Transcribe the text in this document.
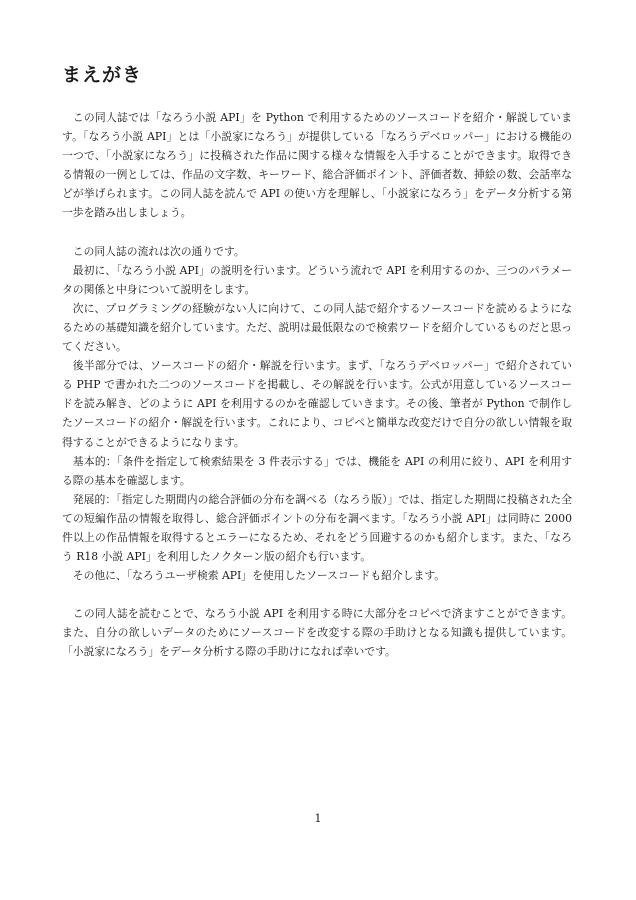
まえがき

この同人誌では「なろう小説 API」を Python で利用するためのソースコードを紹介・解説しています。「なろう小説 API」とは「小説家になろう」が提供している「なろうデベロッパー」における機能の一つで、「小説家になろう」に投稿された作品に関する様々な情報を入手することができます。取得できる情報の一例としては、作品の文字数、キーワード、総合評価ポイント、評価者数、挿絵の数、会話率などが挙げられます。この同人誌を読んで API の使い方を理解し、「小説家になろう」をデータ分析する第一歩を踏み出しましょう。

この同人誌の流れは次の通りです。

最初に、「なろう小説 API」の説明を行います。どういう流れで API を利用するのか、三つのパラメータの関係と中身について説明をします。

次に、プログラミングの経験がない人に向けて、この同人誌で紹介するソースコードを読めるようになるための基礎知識を紹介しています。ただ、説明は最低限なので検索ワードを紹介しているものだと思ってください。

後半部分では、ソースコードの紹介・解説を行います。まず、「なろうデベロッパー」で紹介されている PHP で書かれた二つのソースコードを掲載し、その解説を行います。公式が用意しているソースコードを読み解き、どのように API を利用するのかを確認していきます。その後、筆者が Python で制作したソースコードの紹介・解説を行います。これにより、コピペと簡単な改変だけで自分の欲しい情報を取得することができるようになります。

基本的：「条件を指定して検索結果を 3 件表示する」では、機能を API の利用に絞り、API を利用する際の基本を確認します。

発展的：「指定した期間内の総合評価の分布を調べる（なろう版）」では、指定した期間に投稿された全ての短編作品の情報を取得し、総合評価ポイントの分布を調べます。「なろう小説 API」は同時に 2000 件以上の作品情報を取得するとエラーになるため、それをどう回避するのかも紹介します。また、「なろう R18 小説 API」を利用したノクターン版の紹介も行います。

その他に、「なろうユーザ検索 API」を使用したソースコードも紹介します。

この同人誌を読むことで、なろう小説 API を利用する時に大部分をコピペで済ますことができます。また、自分の欲しいデータのためにソースコードを改変する際の手助けとなる知識も提供しています。「小説家になろう」をデータ分析する際の手助けになれば幸いです。

1
